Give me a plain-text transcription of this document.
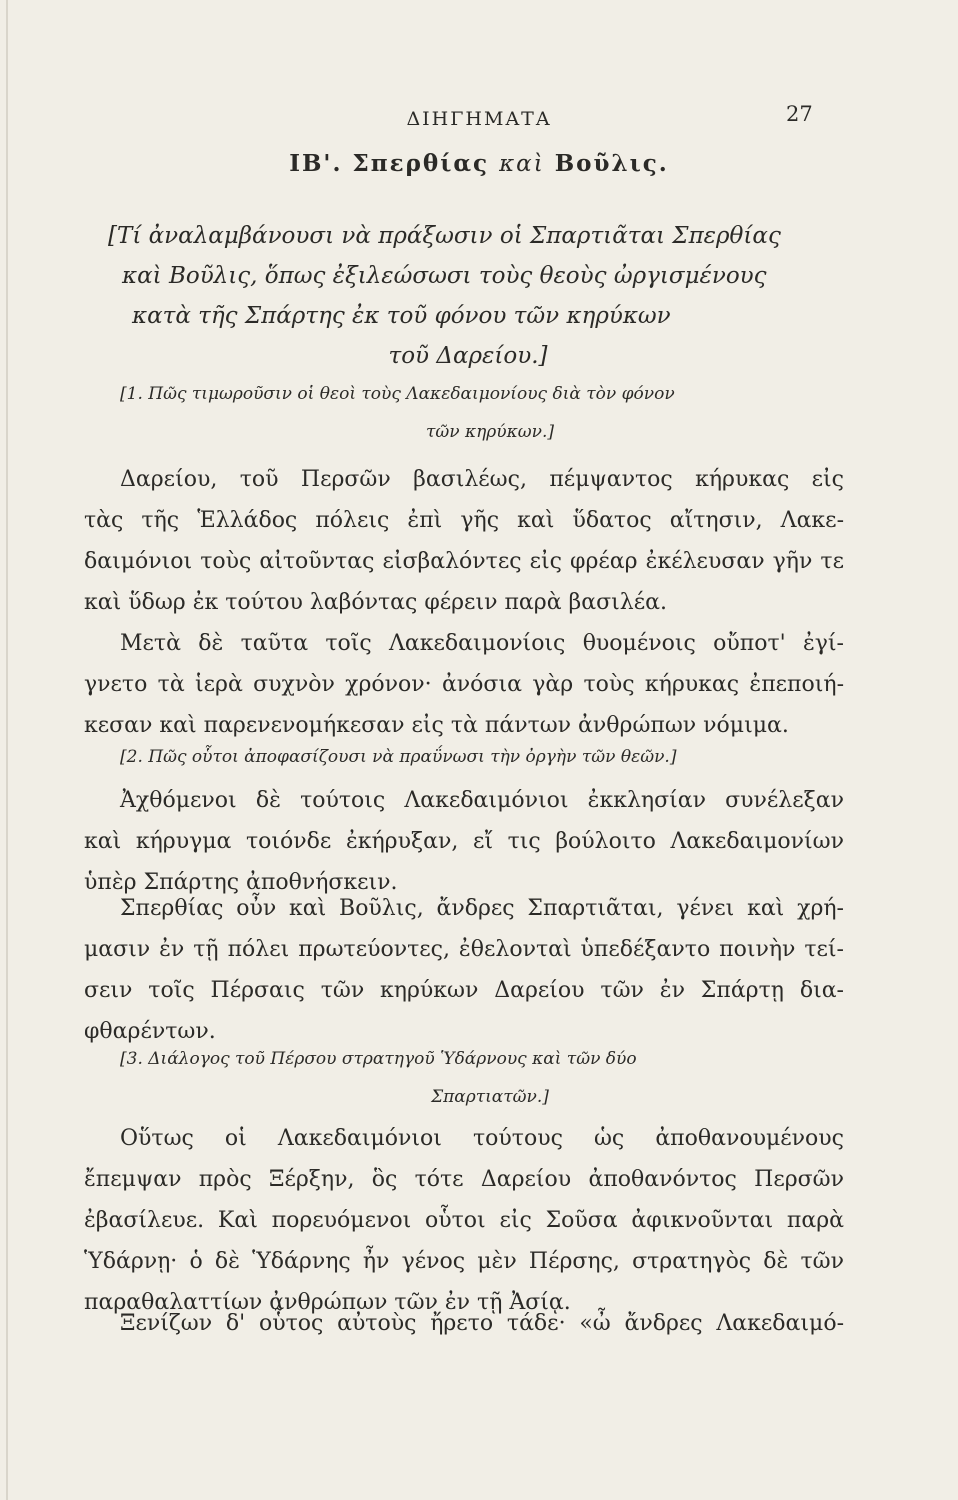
ΔΙΗΓΗΜΑΤΑ	27
ΙΒ'. Σπερθίας καὶ Βοῦλις.
[Τί ἀναλαμβάνουσι νὰ πράξωσιν οἱ Σπαρτιᾶται Σπερθίας
καὶ Βοῦλις, ὅπως ἐξιλεώσωσι τοὺς θεοὺς ὠργισμένους
κατὰ τῆς Σπάρτης ἐκ τοῦ φόνου τῶν κηρύκων
τοῦ Δαρείου.]
[1. Πῶς τιμωροῦσιν οἱ θεοὶ τοὺς Λακεδαιμονίους διὰ τὸν φόνον
τῶν κηρύκων.]
Δαρείου, τοῦ Περσῶν βασιλέως, πέμψαντος κήρυκας εἰς
τὰς τῆς Ἑλλάδος πόλεις ἐπὶ γῆς καὶ ὕδατος αἴτησιν, Λακε-
δαιμόνιοι τοὺς αἰτοῦντας εἰσβαλόντες εἰς φρέαρ ἐκέλευσαν γῆν τε
καὶ ὕδωρ ἐκ τούτου λαβόντας φέρειν παρὰ βασιλέα.
Μετὰ δὲ ταῦτα τοῖς Λακεδαιμονίοις θυομένοις οὔποτ' ἐγί-
γνετο τὰ ἱερὰ συχνὸν χρόνον· ἀνόσια γὰρ τοὺς κήρυκας ἐπεποιή-
κεσαν καὶ παρενενομήκεσαν εἰς τὰ πάντων ἀνθρώπων νόμιμα.
[2. Πῶς οὗτοι ἀποφασίζουσι νὰ πραΰνωσι τὴν ὀργὴν τῶν θεῶν.]
Ἀχθόμενοι δὲ τούτοις Λακεδαιμόνιοι ἐκκλησίαν συνέλεξαν
καὶ κήρυγμα τοιόνδε ἐκήρυξαν, εἴ τις βούλοιτο Λακεδαιμονίων
ὑπὲρ Σπάρτης ἀποθνήσκειν.
Σπερθίας οὖν καὶ Βοῦλις, ἄνδρες Σπαρτιᾶται, γένει καὶ χρή-
μασιν ἐν τῇ πόλει πρωτεύοντες, ἐθελονταὶ ὑπεδέξαντο ποινὴν τεί-
σειν τοῖς Πέρσαις τῶν κηρύκων Δαρείου τῶν ἐν Σπάρτῃ δια-
φθαρέντων.
[3. Διάλογος τοῦ Πέρσου στρατηγοῦ Ὑδάρνους καὶ τῶν δύο
Σπαρτιατῶν.]
Οὕτως οἱ Λακεδαιμόνιοι τούτους ὡς ἀποθανουμένους
ἔπεμψαν πρὸς Ξέρξην, ὃς τότε Δαρείου ἀποθανόντος Περσῶν
ἐβασίλευε. Καὶ πορευόμενοι οὗτοι εἰς Σοῦσα ἀφικνοῦνται παρὰ
Ὑδάρνῃ· ὁ δὲ Ὑδάρνης ἦν γένος μὲν Πέρσης, στρατηγὸς δὲ τῶν
παραθαλαττίων ἀνθρώπων τῶν ἐν τῇ Ἀσίᾳ.
Ξενίζων δ' οὗτος αὐτοὺς ἤρετο τάδε· «ὦ ἄνδρες Λακεδαιμό-
